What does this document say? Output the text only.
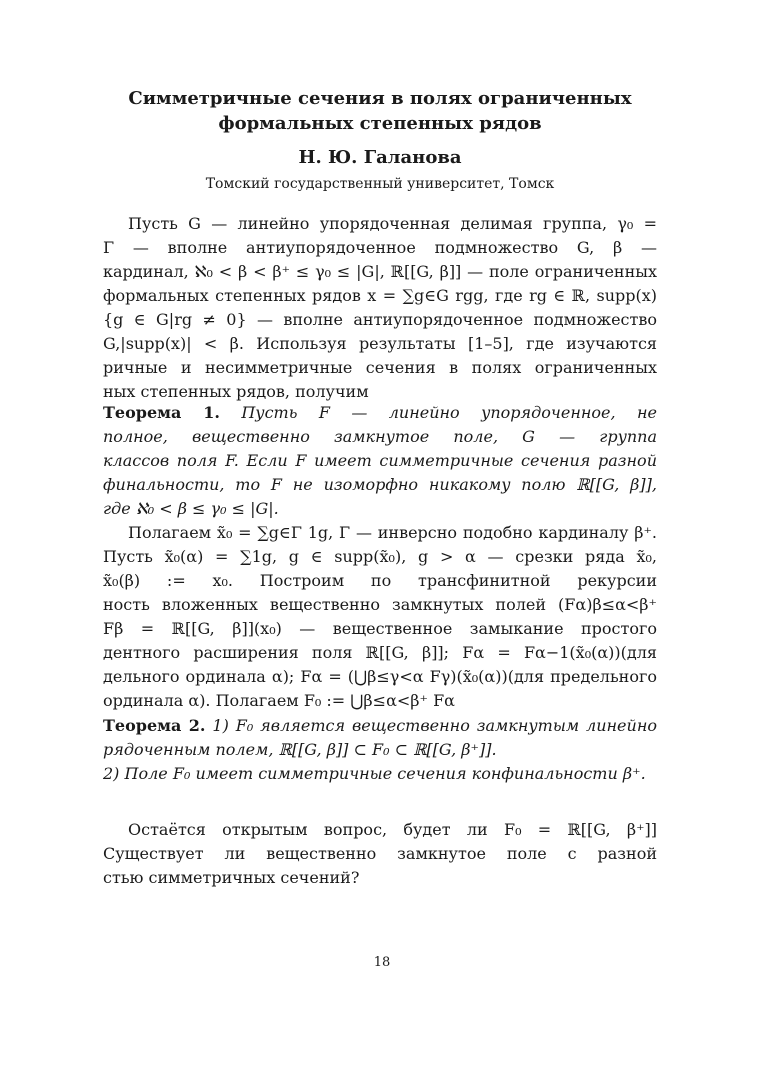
Симметричные сечения в полях ограниченных
формальных степенных рядов
Н. Ю. Галанова
Томский государственный университет, Томск
Пусть G — линейно упорядоченная делимая группа, γ₀ =
Γ — вполне антиупорядоченное подмножество G, β —
кардинал, ℵ₀ < β < β⁺ ≤ γ₀ ≤ |G|, ℝ[[G, β]] — поле ограниченных
формальных степенных рядов x = ∑g∈G rgg, где rg ∈ ℝ, supp(x)
{g ∈ G|rg ≠ 0} — вполне антиупорядоченное подмножество
G,|supp(x)| < β. Используя результаты [1–5], где изучаются
ричные и несимметричные сечения в полях ограниченных
ных степенных рядов, получим
Теорема 1. Пусть F — линейно упорядоченное, не
полное, вещественно замкнутое поле, G — группа
классов поля F. Если F имеет симметричные сечения разной
финальности, то F не изоморфно никакому полю ℝ[[G, β]],
где ℵ₀ < β ≤ γ₀ ≤ |G|.
Полагаем x̃₀ = ∑g∈Γ 1g, Γ — инверсно подобно кардиналу β⁺.
Пусть x̃₀(α) = ∑1g, g ∈ supp(x̃₀), g > α — срезки ряда x̃₀,
x̃₀(β) := x₀. Построим по трансфинитной рекурсии
ность вложенных вещественно замкнутых полей (Fα)β≤α<β⁺
Fβ = ℝ[[G, β]](x₀) — вещественное замыкание простого
дентного расширения поля ℝ[[G, β]]; Fα = Fα−1(x̃₀(α))(для
дельного ординала α); Fα = (⋃β≤γ<α Fγ)(x̃₀(α))(для предельного
ординала α). Полагаем F₀ := ⋃β≤α<β⁺ Fα
Теорема 2. 1) F₀ является вещественно замкнутым линейно
рядоченным полем, ℝ[[G, β]] ⊂ F₀ ⊂ ℝ[[G, β⁺]].
2) Поле F₀ имеет симметричные сечения конфинальности β⁺.
Остаётся открытым вопрос, будет ли F₀ = ℝ[[G, β⁺]]
Существует ли вещественно замкнутое поле с разной
стью симметричных сечений?
18
